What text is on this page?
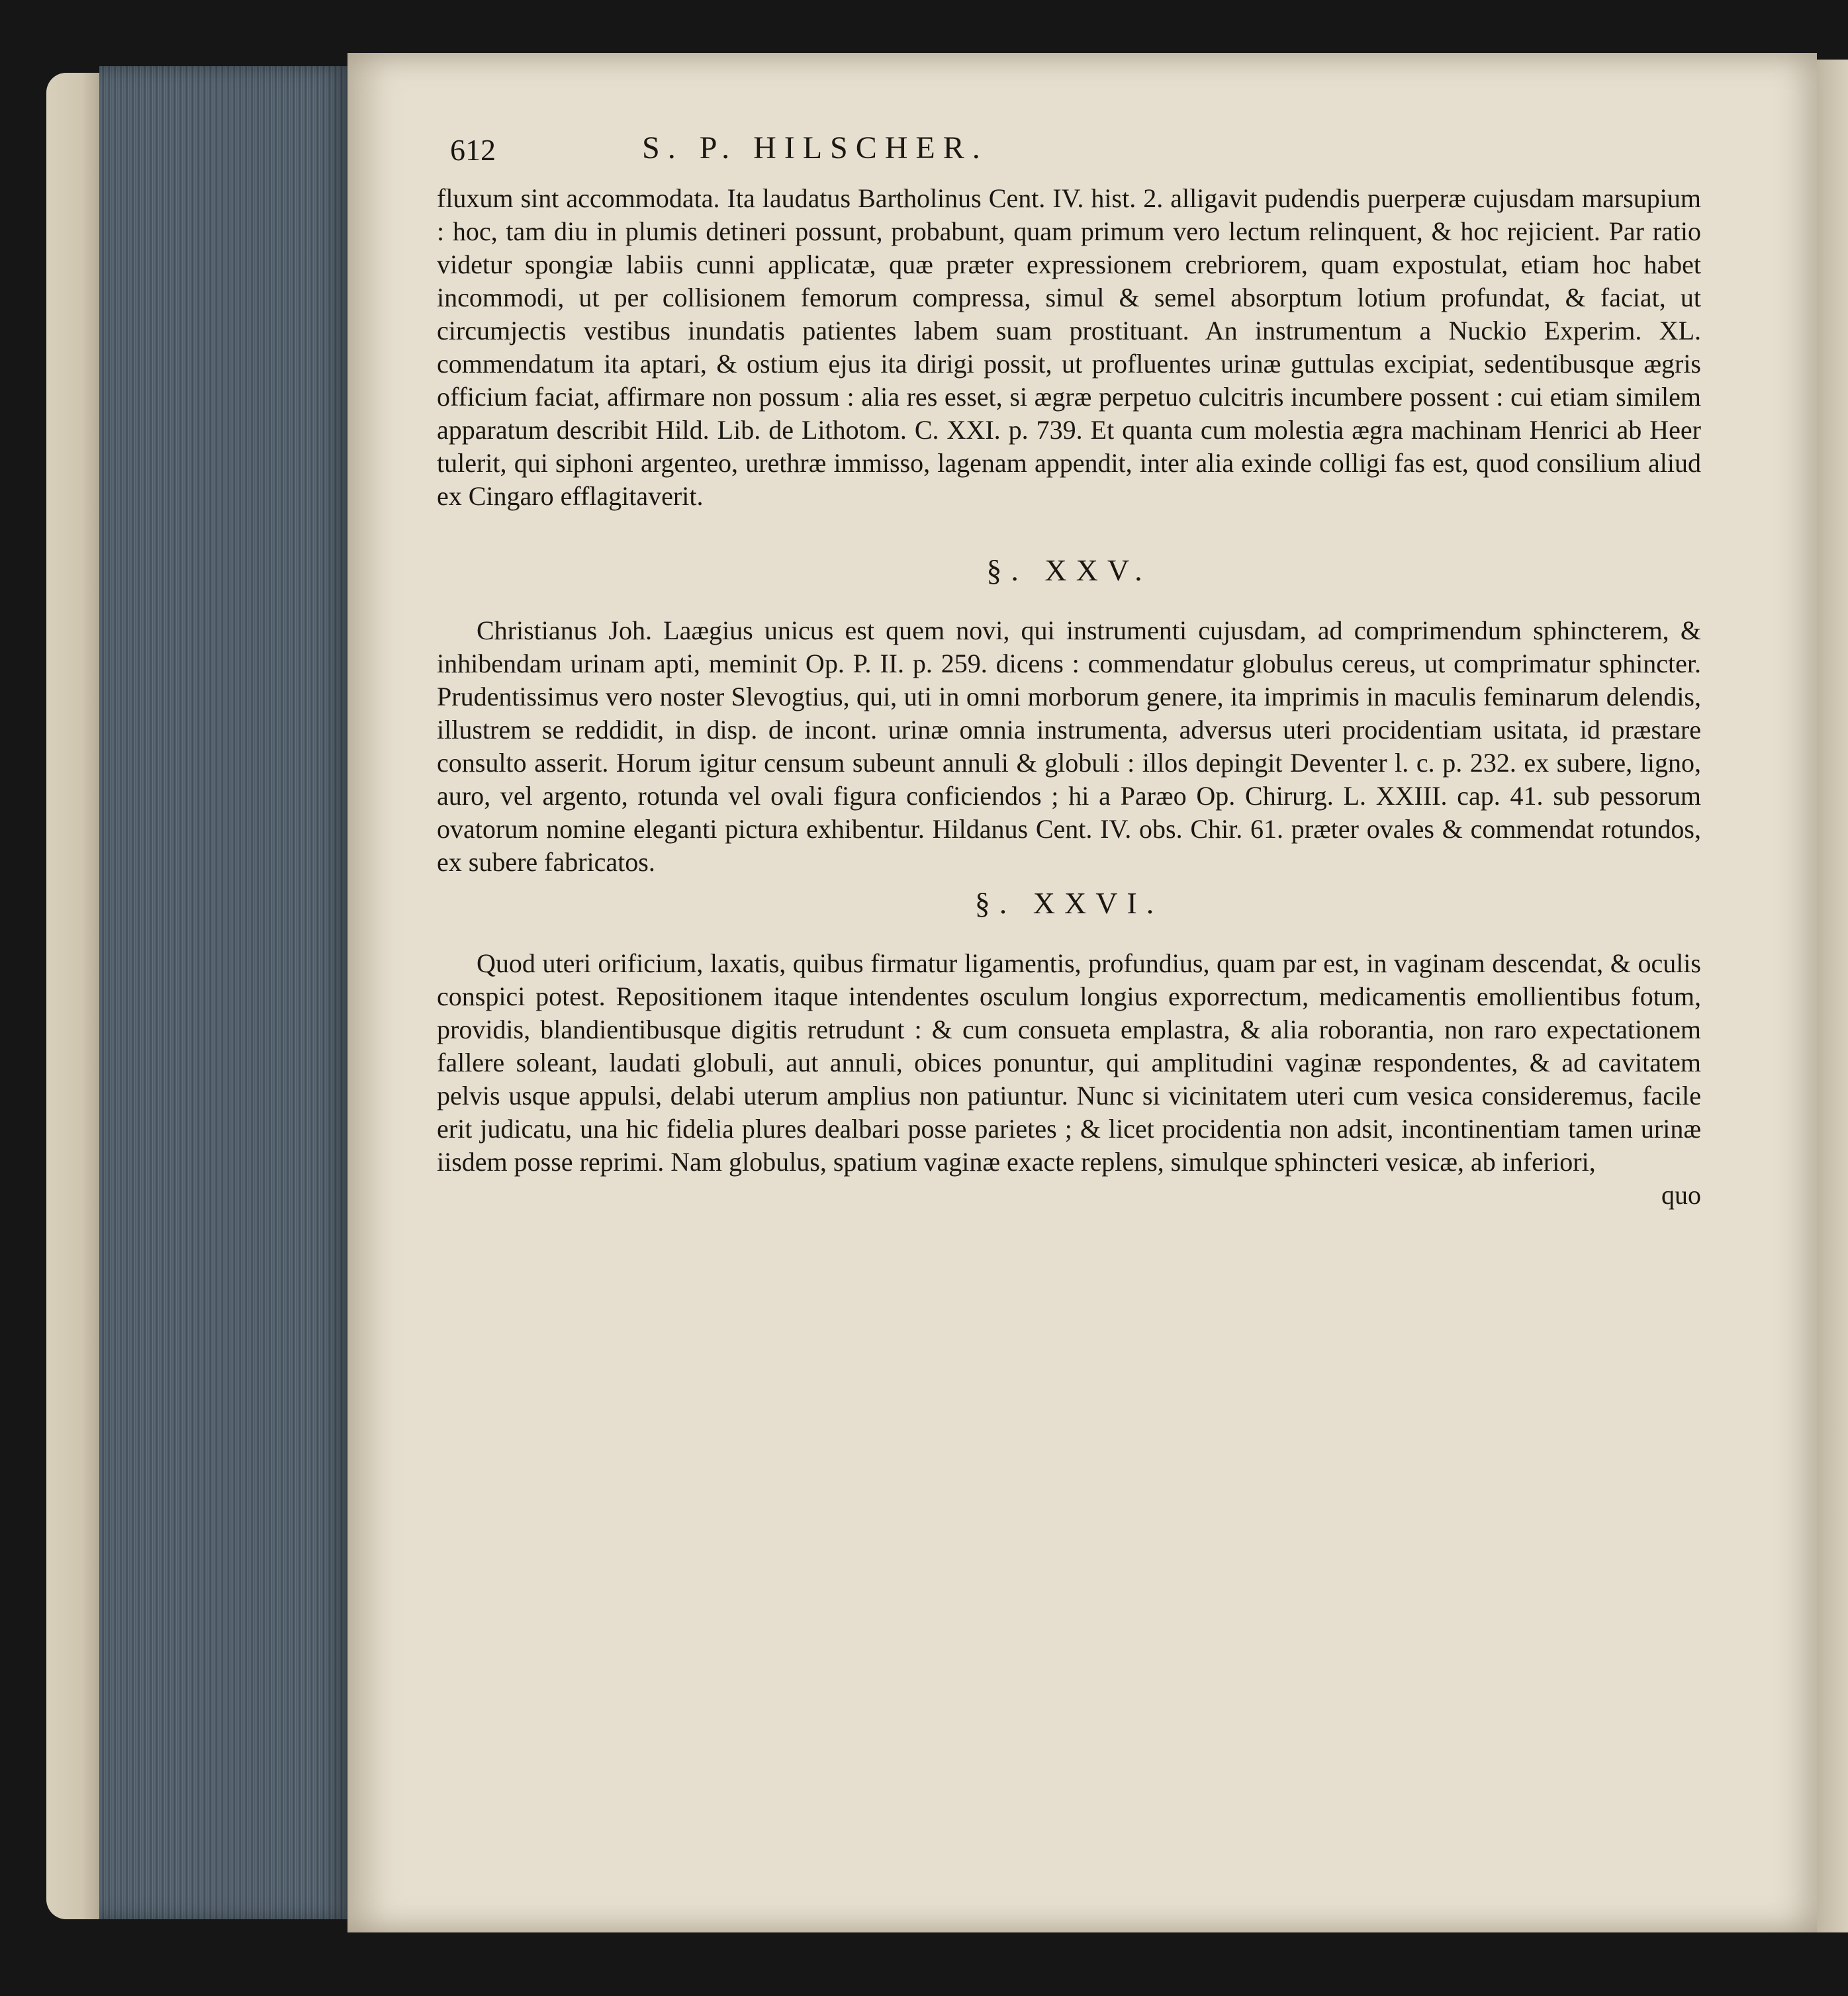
612	S. P. HILSCHER.

fluxum sint accommodata. Ita laudatus Bartholinus Cent. IV. hist. 2. alligavit pudendis puerperæ cujusdam marsupium : hoc, tam diu in plumis detineri possunt, probabunt, quam primum vero lectum relinquent, & hoc rejicient. Par ratio videtur spongiæ labiis cunni applicatæ, quæ præter expressionem crebriorem, quam expostulat, etiam hoc habet incommodi, ut per collisionem femorum compressa, simul & semel absorptum lotium profundat, & faciat, ut circumjectis vestibus inundatis patientes labem suam prostituant. An instrumentum a Nuckio Experim. XL. commendatum ita aptari, & ostium ejus ita dirigi possit, ut profluentes urinæ guttulas excipiat, sedentibusque ægris officium faciat, affirmare non possum : alia res esset, si ægræ perpetuo culcitris incumbere possent : cui etiam similem apparatum describit Hild. Lib. de Lithotom. C. XXI. p. 739. Et quanta cum molestia ægra machinam Henrici ab Heer tulerit, qui siphoni argenteo, urethræ immisso, lagenam appendit, inter alia exinde colligi fas est, quod consilium aliud ex Cingaro efflagitaverit.

§. XXV.

Christianus Joh. Laægius unicus est quem novi, qui instrumenti cujusdam, ad comprimendum sphincterem, & inhibendam urinam apti, meminit Op. P. II. p. 259. dicens : commendatur globulus cereus, ut comprimatur sphincter. Prudentissimus vero noster Slevogtius, qui, uti in omni morborum genere, ita imprimis in maculis feminarum delendis, illustrem se reddidit, in disp. de incont. urinæ omnia instrumenta, adversus uteri procidentiam usitata, id præstare consulto asserit. Horum igitur censum subeunt annuli & globuli : illos depingit Deventer l. c. p. 232. ex subere, ligno, auro, vel argento, rotunda vel ovali figura conficiendos ; hi a Paræo Op. Chirurg. L. XXIII. cap. 41. sub pessorum ovatorum nomine eleganti pictura exhibentur. Hildanus Cent. IV. obs. Chir. 61. præter ovales & commendat rotundos, ex subere fabricatos.

§. XXVI.

Quod uteri orificium, laxatis, quibus firmatur ligamentis, profundius, quam par est, in vaginam descendat, & oculis conspici potest. Repositionem itaque intendentes osculum longius exporrectum, medicamentis emollientibus fotum, providis, blandientibusque digitis retrudunt : & cum consueta emplastra, & alia roborantia, non raro expectationem fallere soleant, laudati globuli, aut annuli, obices ponuntur, qui amplitudini vaginæ respondentes, & ad cavitatem pelvis usque appulsi, delabi uterum amplius non patiuntur. Nunc si vicinitatem uteri cum vesica consideremus, facile erit judicatu, una hic fidelia plures dealbari posse parietes ; & licet procidentia non adsit, incontinentiam tamen urinæ iisdem posse reprimi. Nam globulus, spatium vaginæ exacte replens, simulque sphincteri vesicæ, ab inferiori,

quo
